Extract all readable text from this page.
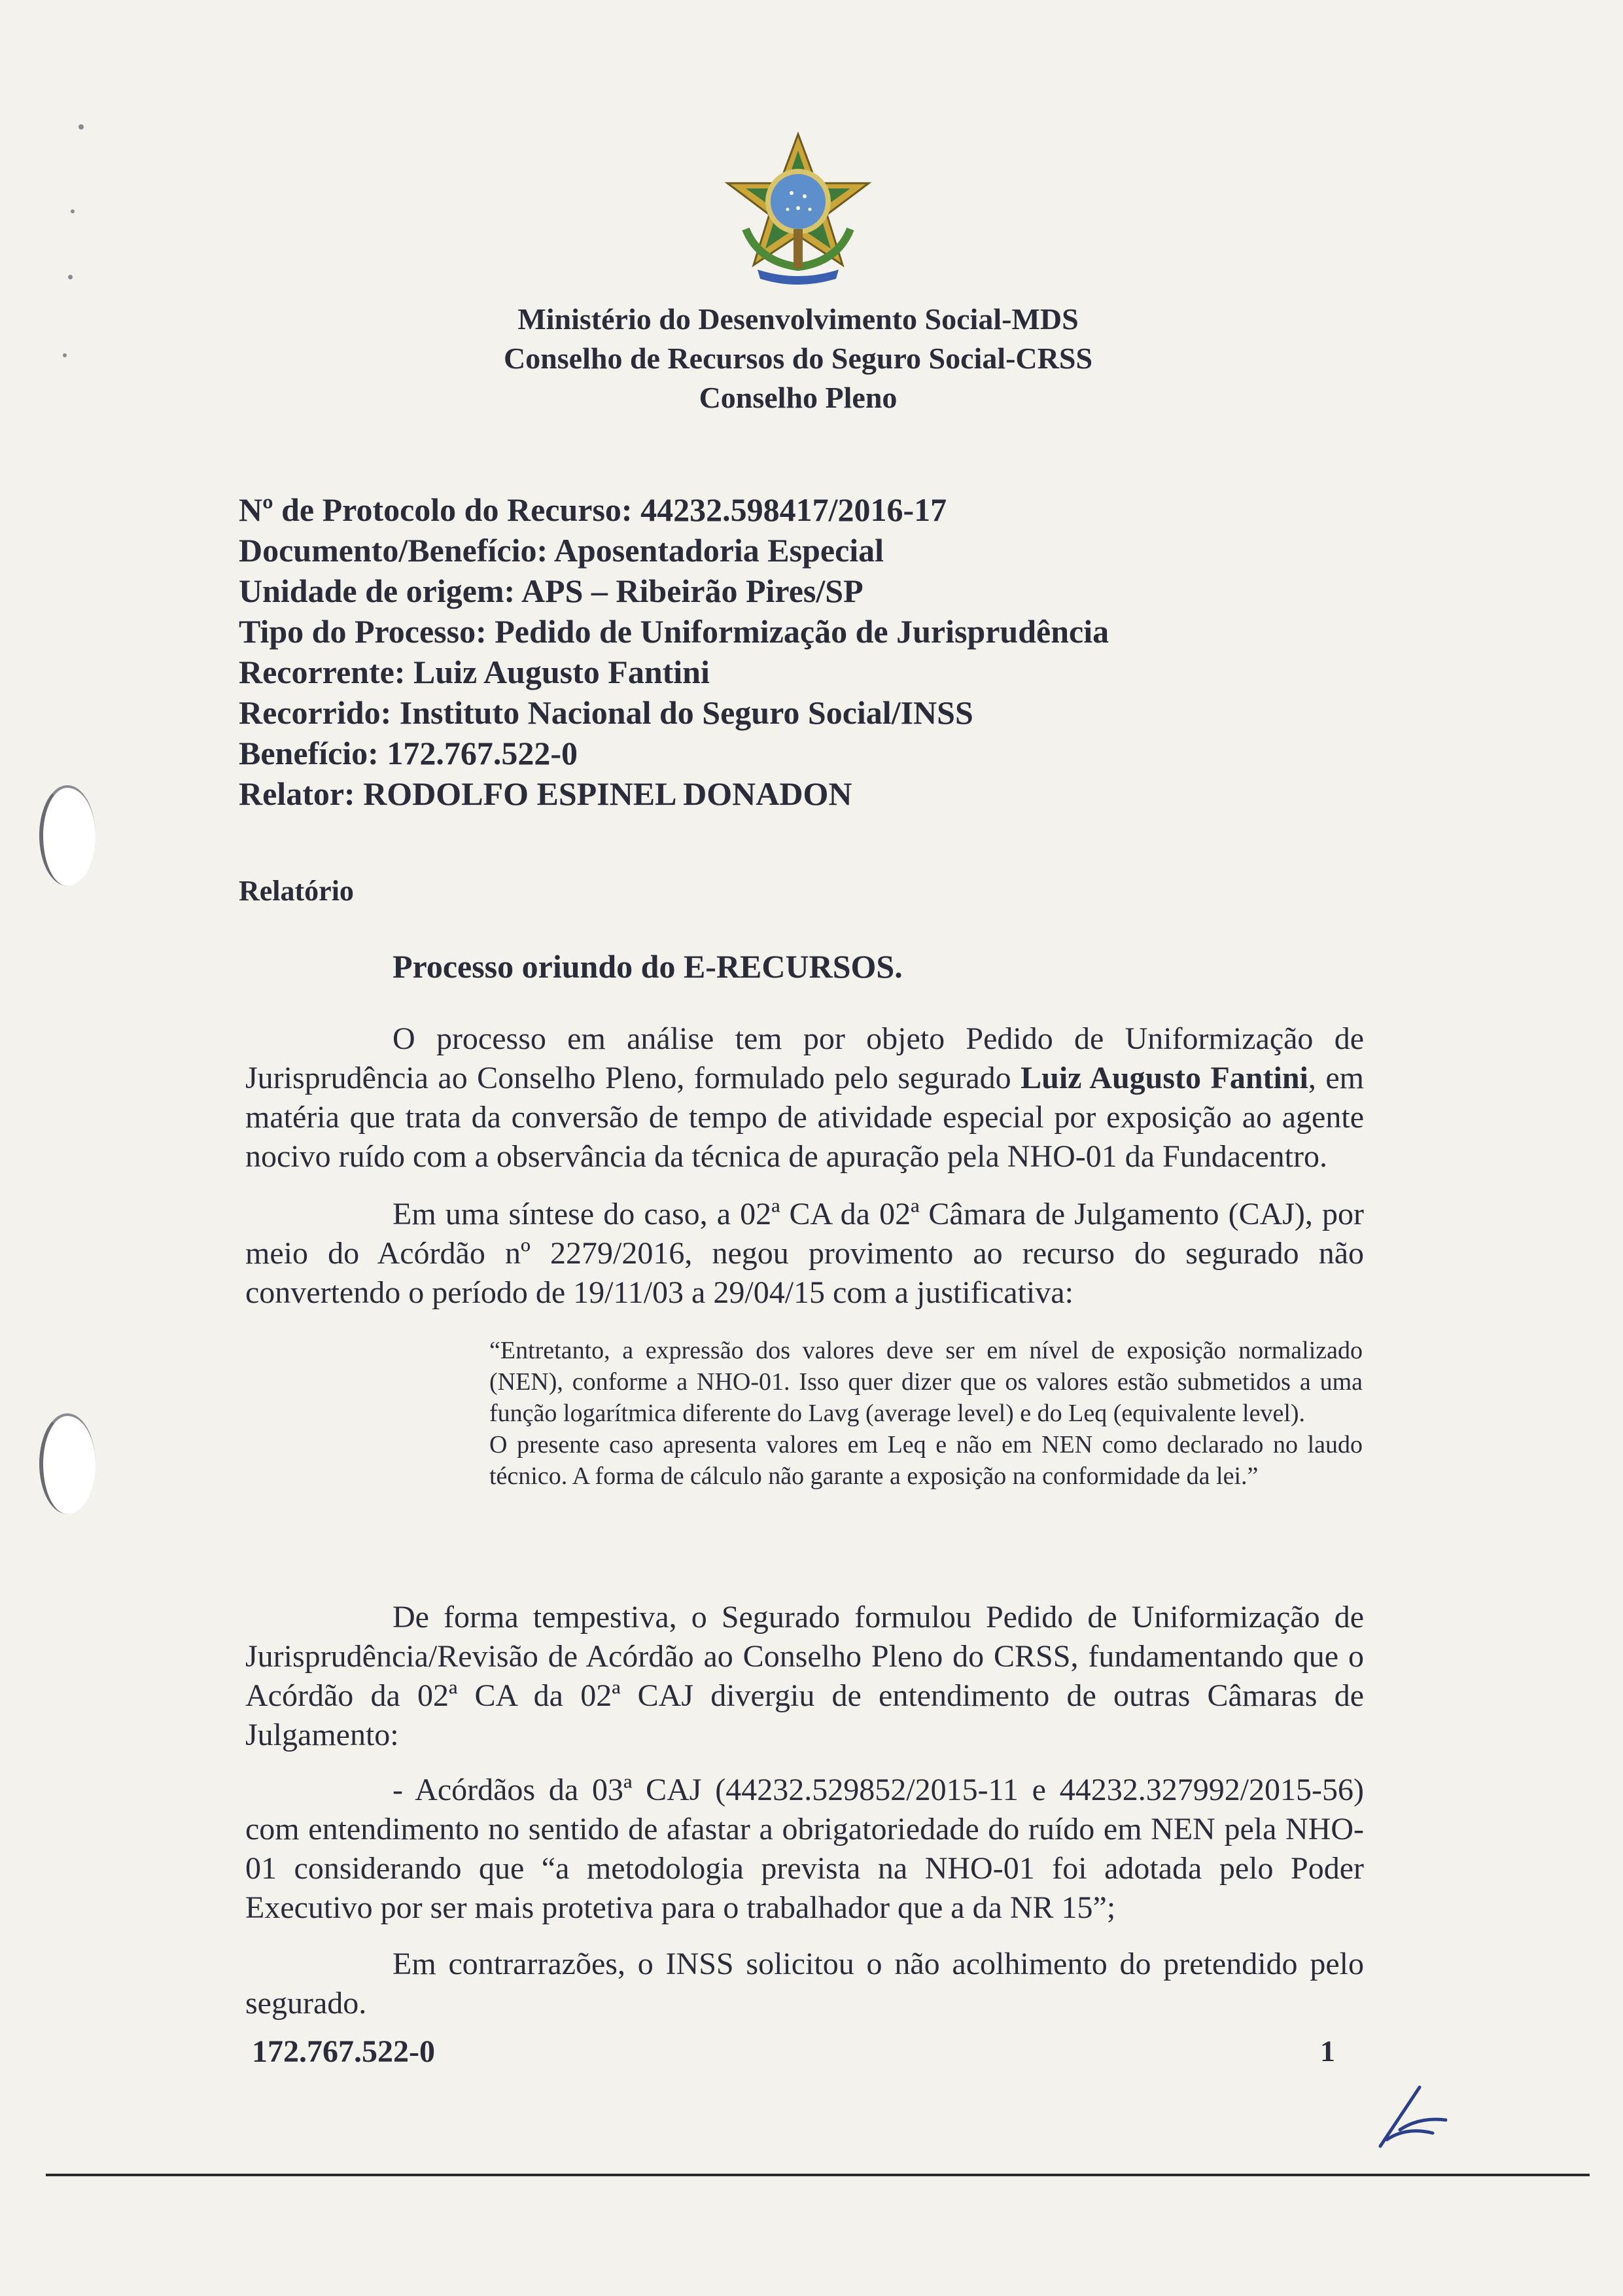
Ministério do Desenvolvimento Social-MDS
Conselho de Recursos do Seguro Social-CRSS
Conselho Pleno
Nº de Protocolo do Recurso: 44232.598417/2016-17
Documento/Benefício: Aposentadoria Especial
Unidade de origem: APS – Ribeirão Pires/SP
Tipo do Processo: Pedido de Uniformização de Jurisprudência
Recorrente: Luiz Augusto Fantini
Recorrido: Instituto Nacional do Seguro Social/INSS
Benefício: 172.767.522-0
Relator: RODOLFO ESPINEL DONADON
Relatório
Processo oriundo do E-RECURSOS.
O processo em análise tem por objeto Pedido de Uniformização de Jurisprudência ao Conselho Pleno, formulado pelo segurado Luiz Augusto Fantini, em matéria que trata da conversão de tempo de atividade especial por exposição ao agente nocivo ruído com a observância da técnica de apuração pela NHO-01 da Fundacentro.
Em uma síntese do caso, a 02ª CA da 02ª Câmara de Julgamento (CAJ), por meio do Acórdão nº 2279/2016, negou provimento ao recurso do segurado não convertendo o período de 19/11/03 a 29/04/15 com a justificativa:

“Entretanto, a expressão dos valores deve ser em nível de exposição normalizado (NEN), conforme a NHO-01. Isso quer dizer que os valores estão submetidos a uma função logarítmica diferente do Lavg (average level) e do Leq (equivalente level).

O presente caso apresenta valores em Leq e não em NEN como declarado no laudo técnico. A forma de cálculo não garante a exposição na conformidade da lei.”

De forma tempestiva, o Segurado formulou Pedido de Uniformização de Jurisprudência/Revisão de Acórdão ao Conselho Pleno do CRSS, fundamentando que o Acórdão da 02ª CA da 02ª CAJ divergiu de entendimento de outras Câmaras de Julgamento:
- Acórdãos da 03ª CAJ (44232.529852/2015-11 e 44232.327992/2015-56) com entendimento no sentido de afastar a obrigatoriedade do ruído em NEN pela NHO-01 considerando que “a metodologia prevista na NHO-01 foi adotada pelo Poder Executivo por ser mais protetiva para o trabalhador que a da NR 15”;
Em contrarrazões, o INSS solicitou o não acolhimento do pretendido pelo segurado.
172.767.522-0	1
